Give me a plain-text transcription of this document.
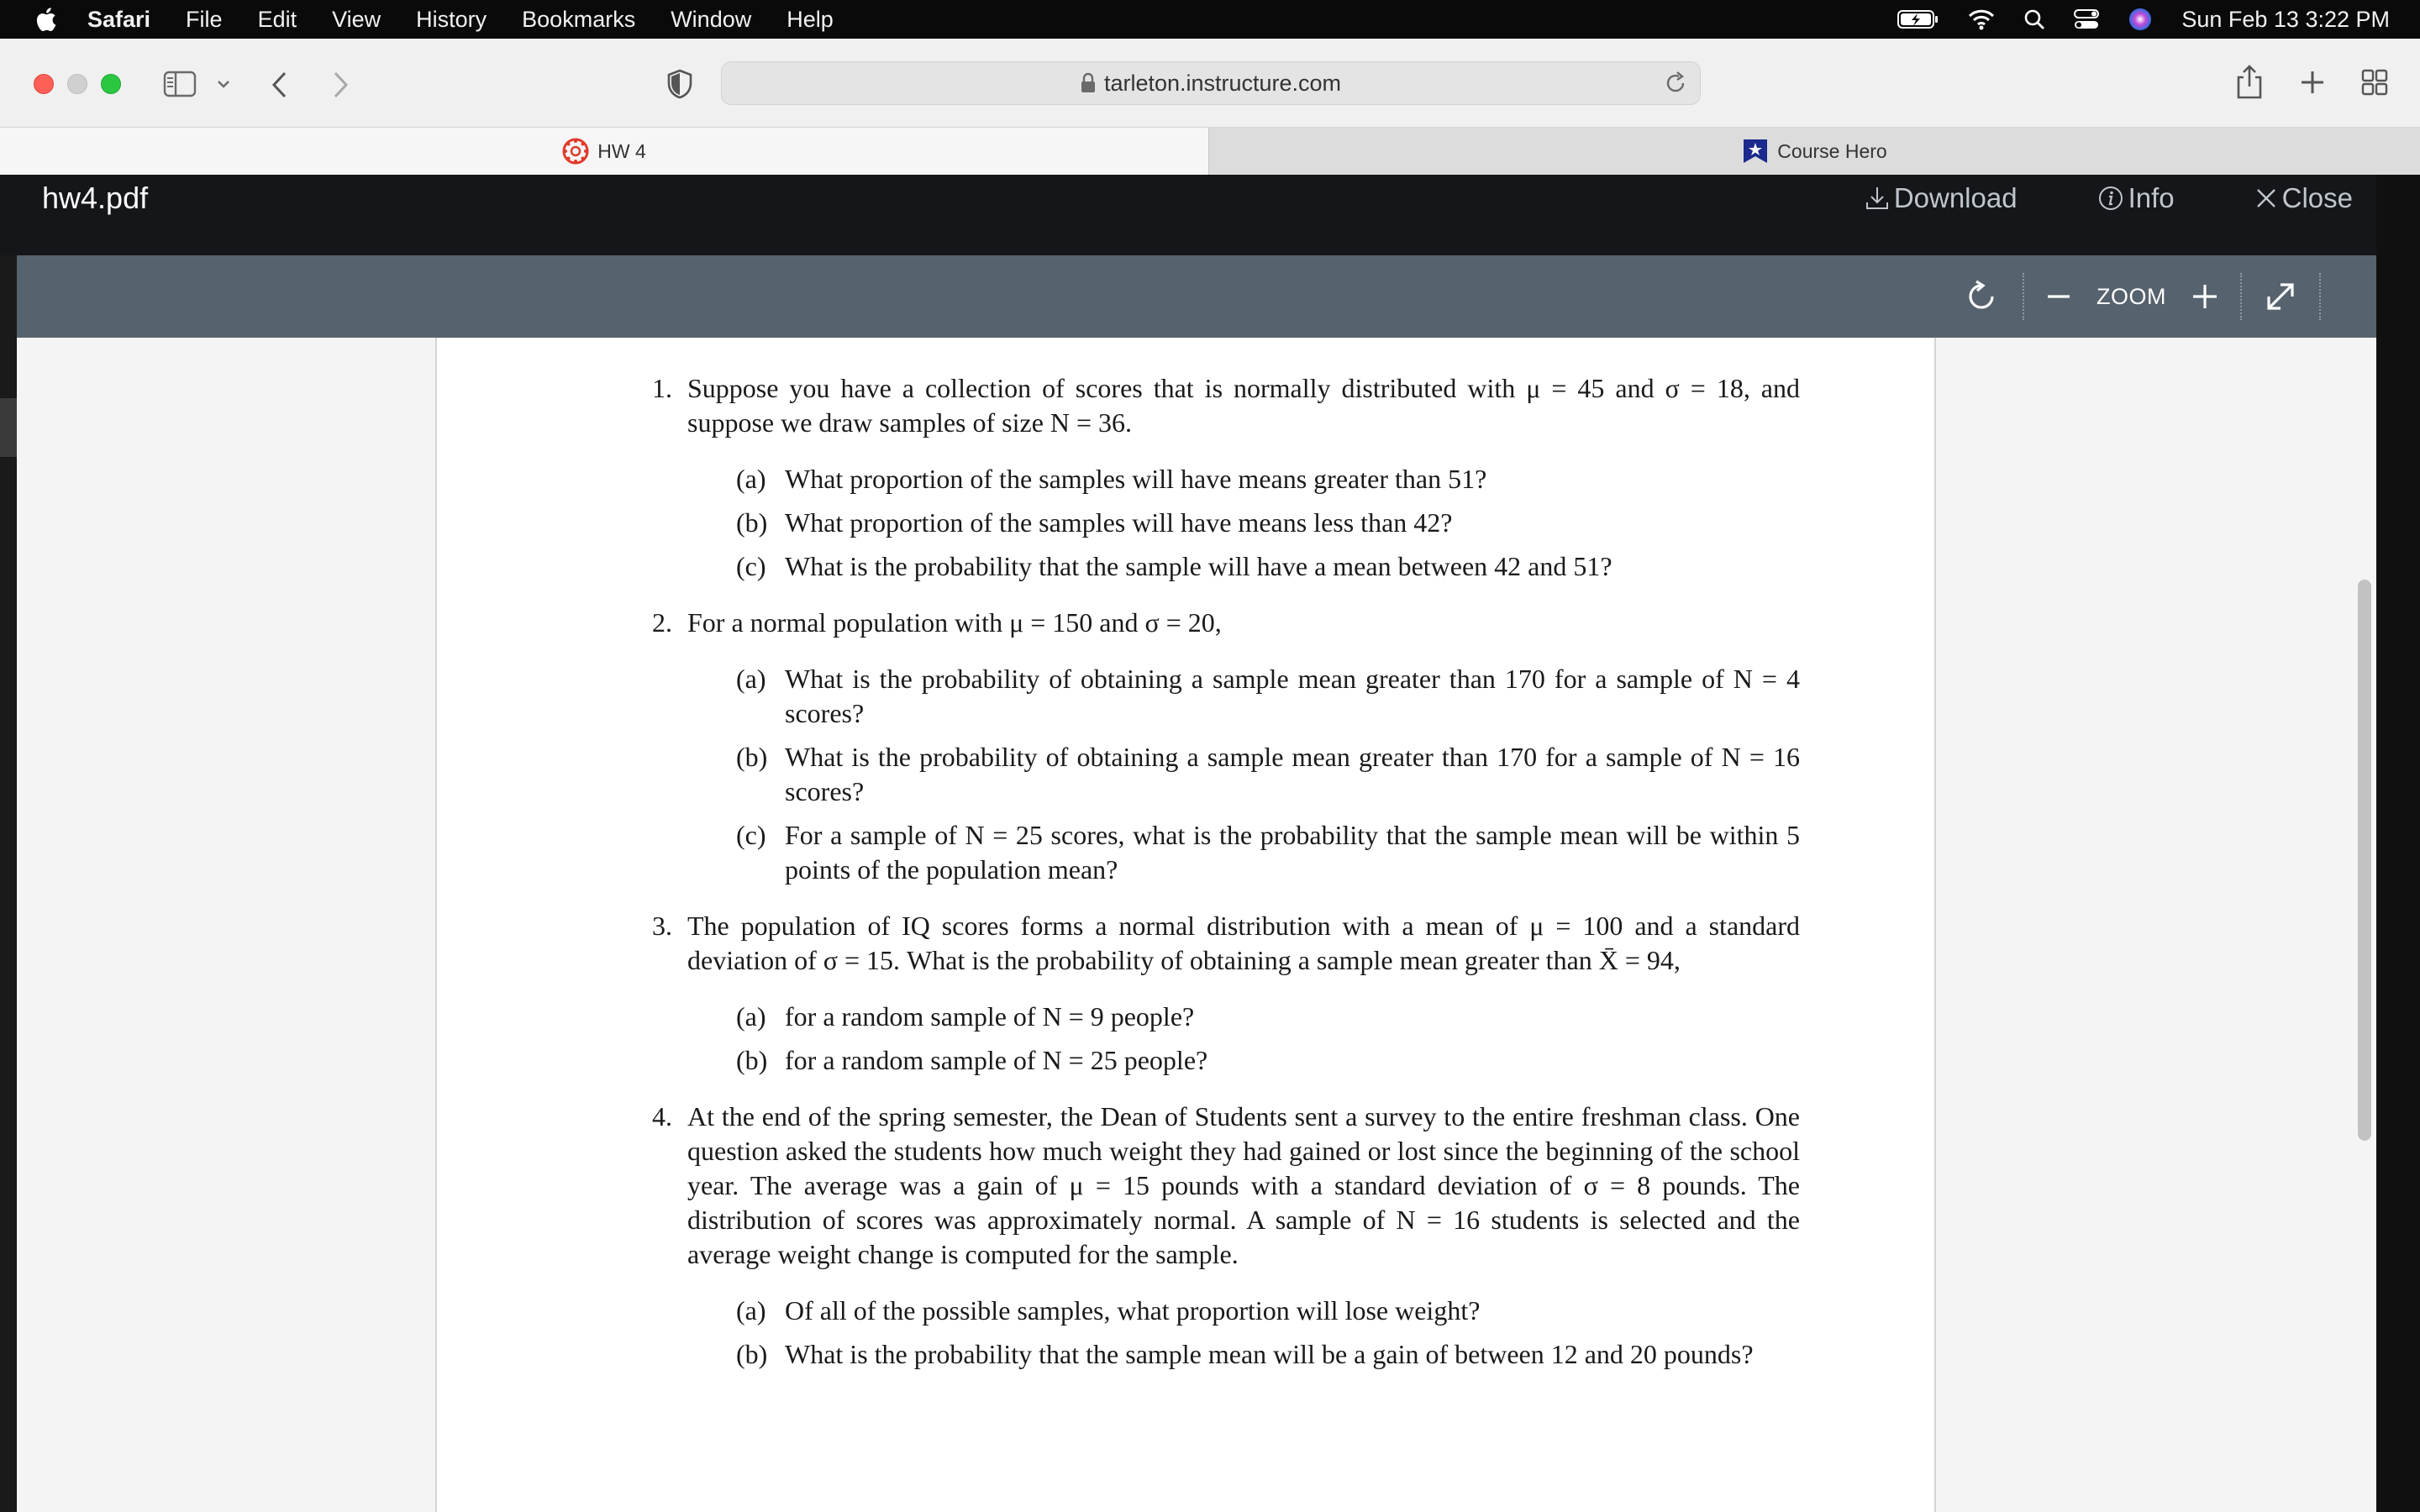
Safari File Edit View History Bookmarks Window Help	Sun Feb 13 3:22 PM
tarleton.instructure.com
HW 4	Course Hero
hw4.pdf	Download	Info	Close
ZOOM
1. Suppose you have a collection of scores that is normally distributed with μ = 45 and σ = 18, and suppose we draw samples of size N = 36.
(a) What proportion of the samples will have means greater than 51?
(b) What proportion of the samples will have means less than 42?
(c) What is the probability that the sample will have a mean between 42 and 51?
2. For a normal population with μ = 150 and σ = 20,
(a) What is the probability of obtaining a sample mean greater than 170 for a sample of N = 4 scores?
(b) What is the probability of obtaining a sample mean greater than 170 for a sample of N = 16 scores?
(c) For a sample of N = 25 scores, what is the probability that the sample mean will be within 5 points of the population mean?
3. The population of IQ scores forms a normal distribution with a mean of μ = 100 and a standard deviation of σ = 15. What is the probability of obtaining a sample mean greater than X̄ = 94,
(a) for a random sample of N = 9 people?
(b) for a random sample of N = 25 people?
4. At the end of the spring semester, the Dean of Students sent a survey to the entire freshman class. One question asked the students how much weight they had gained or lost since the beginning of the school year. The average was a gain of μ = 15 pounds with a standard deviation of σ = 8 pounds. The distribution of scores was approximately normal. A sample of N = 16 students is selected and the average weight change is computed for the sample.
(a) Of all of the possible samples, what proportion will lose weight?
(b) What is the probability that the sample mean will be a gain of between 12 and 20 pounds?
